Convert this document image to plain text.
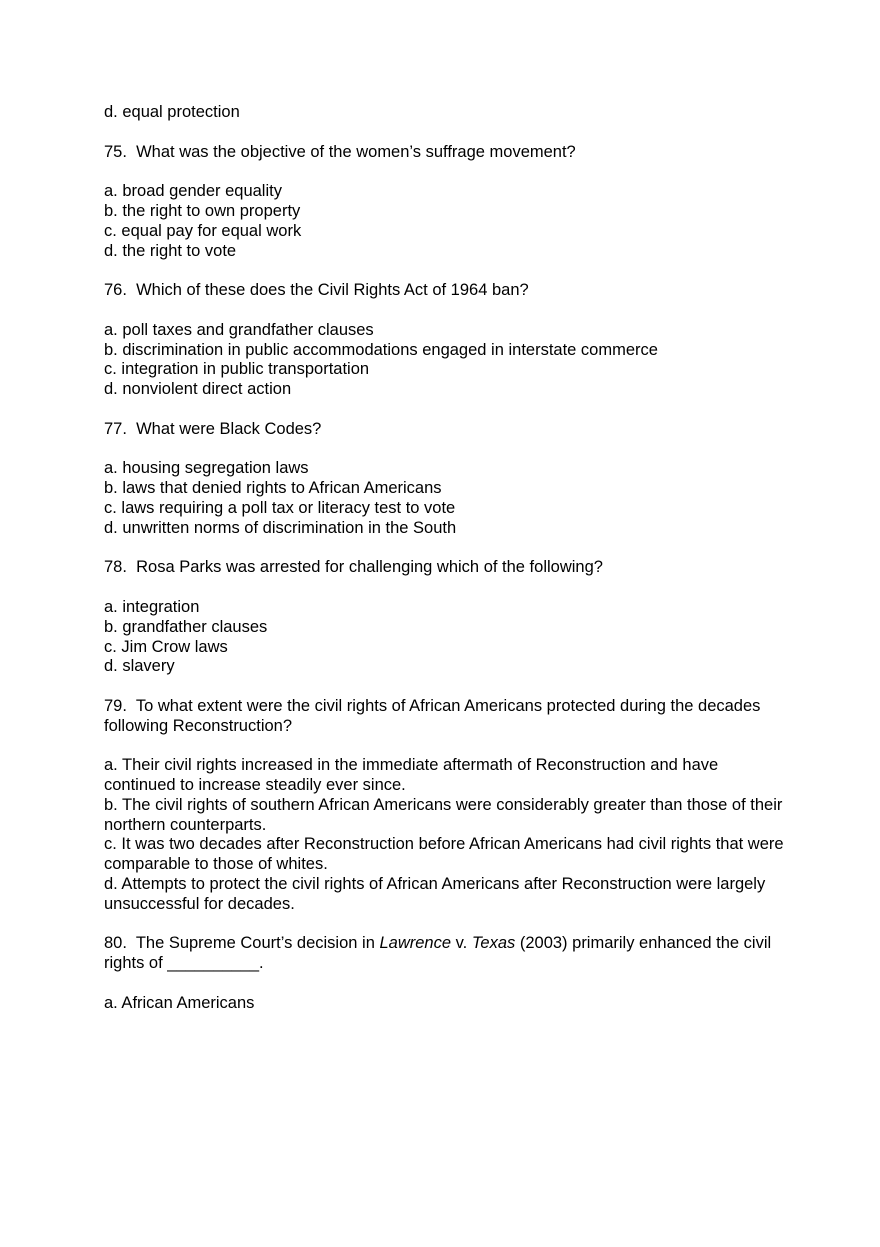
d. equal protection

75. What was the objective of the women’s suffrage movement?

a. broad gender equality

b. the right to own property

c. equal pay for equal work

d. the right to vote

76. Which of these does the Civil Rights Act of 1964 ban?

a. poll taxes and grandfather clauses

b. discrimination in public accommodations engaged in interstate commerce

c. integration in public transportation

d. nonviolent direct action

77. What were Black Codes?

a. housing segregation laws

b. laws that denied rights to African Americans

c. laws requiring a poll tax or literacy test to vote

d. unwritten norms of discrimination in the South

78. Rosa Parks was arrested for challenging which of the following?

a. integration

b. grandfather clauses

c. Jim Crow laws

d. slavery

79. To what extent were the civil rights of African Americans protected during the decades following Reconstruction?

a. Their civil rights increased in the immediate aftermath of Reconstruction and have continued to increase steadily ever since.

b. The civil rights of southern African Americans were considerably greater than those of their northern counterparts.

c. It was two decades after Reconstruction before African Americans had civil rights that were comparable to those of whites.

d. Attempts to protect the civil rights of African Americans after Reconstruction were largely unsuccessful for decades.

80. The Supreme Court’s decision in Lawrence v. Texas (2003) primarily enhanced the civil rights of __________.

a. African Americans
